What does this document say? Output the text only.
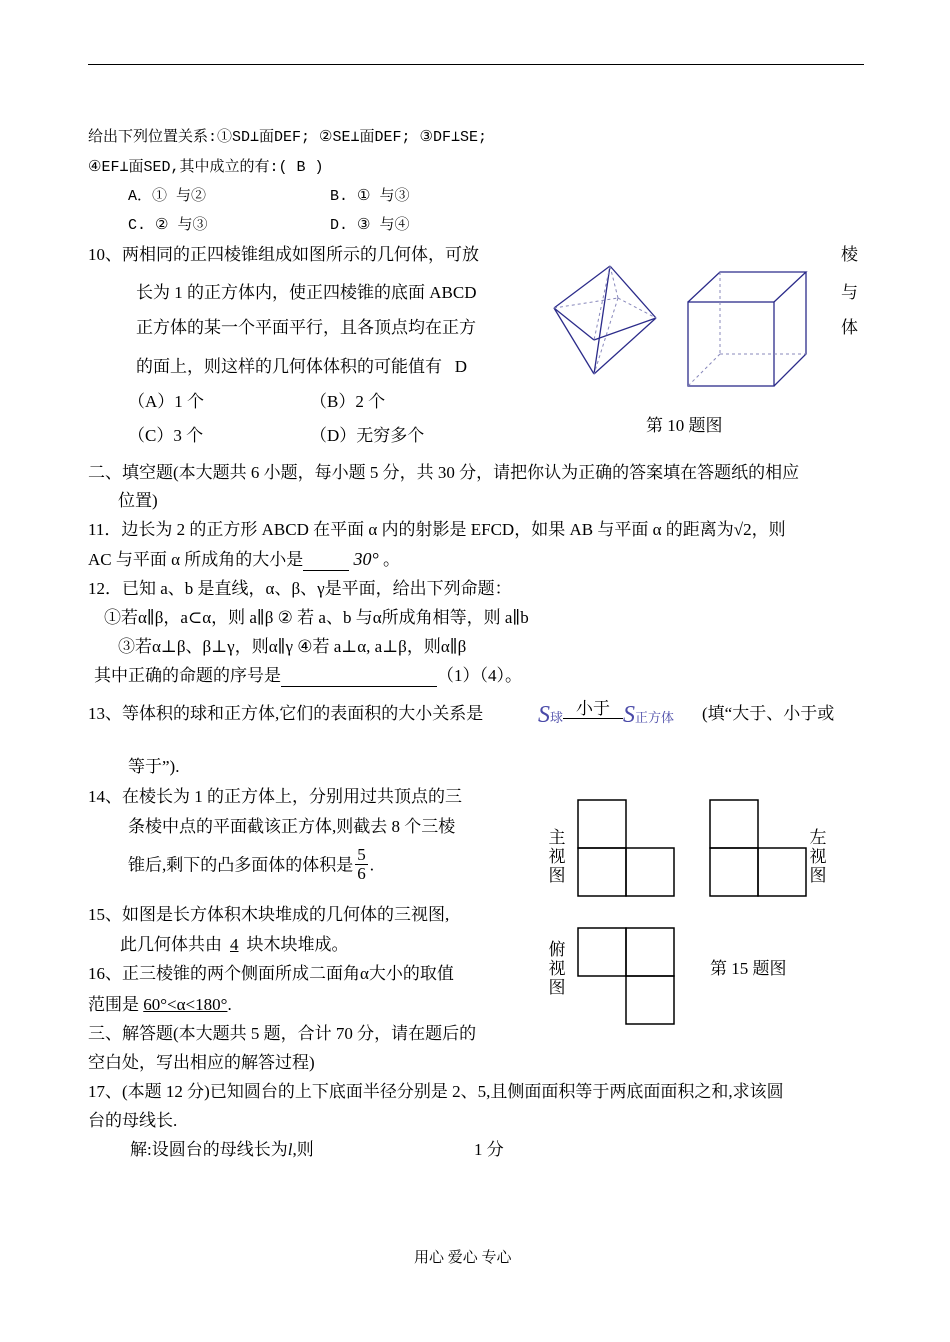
给出下列位置关系:①SD⊥面DEF; ②SE⊥面DEF; ③DF⊥SE;
④EF⊥面SED,其中成立的有:( B )
A．① 与②	B. ① 与③
C. ② 与③	D. ③ 与④
10、两相同的正四棱锥组成如图所示的几何体，可放	棱
长为 1 的正方体内，使正四棱锥的底面 ABCD	与
正方体的某一个平面平行，且各顶点均在正方	体
的面上，则这样的几何体体积的可能值有 D
（A）1 个	（B）2 个
（C）3 个	（D）无穷多个
第 10 题图
二、填空题(本大题共 6 小题，每小题 5 分，共 30 分，请把你认为正确的答案填在答题纸的相应
位置)
11．边长为 2 的正方形 ABCD 在平面 α 内的射影是 EFCD，如果 AB 与平面 α 的距离为√2，则
AC 与平面 α 所成角的大小是	30° 。
12．已知 a、b 是直线，α、β、γ是平面，给出下列命题：
①若α∥β，a⊂α，则 a∥β ② 若 a、b 与α所成角相等，则 a∥b
③若α⊥β、β⊥γ，则α∥γ ④若 a⊥α, a⊥β，则α∥β
其中正确的命题的序号是	（1）（4）。
13、等体积的球和正方体,它们的表面积的大小关系是 S球 小于 S正方体 (填“大于、小于或
等于”).
14、在棱长为 1 的正方体上，分别用过共顶点的三
条棱中点的平面截该正方体,则截去 8 个三棱
锥后,剩下的凸多面体的体积是 $\frac{5}{6}$ .
15、如图是长方体积木块堆成的几何体的三视图,
此几何体共由 4 块木块堆成。
主视图
左视图
俯视图
第 15 题图
16、正三棱锥的两个侧面所成二面角α大小的取值
范围是 60°<α<180°.
三、解答题(本大题共 5 题，合计 70 分，请在题后的
空白处，写出相应的解答过程)
17、(本题 12 分)已知圆台的上下底面半径分别是 2、5,且侧面面积等于两底面面积之和,求该圆
台的母线长.
解:设圆台的母线长为l,则	1 分
用心 爱心 专心
